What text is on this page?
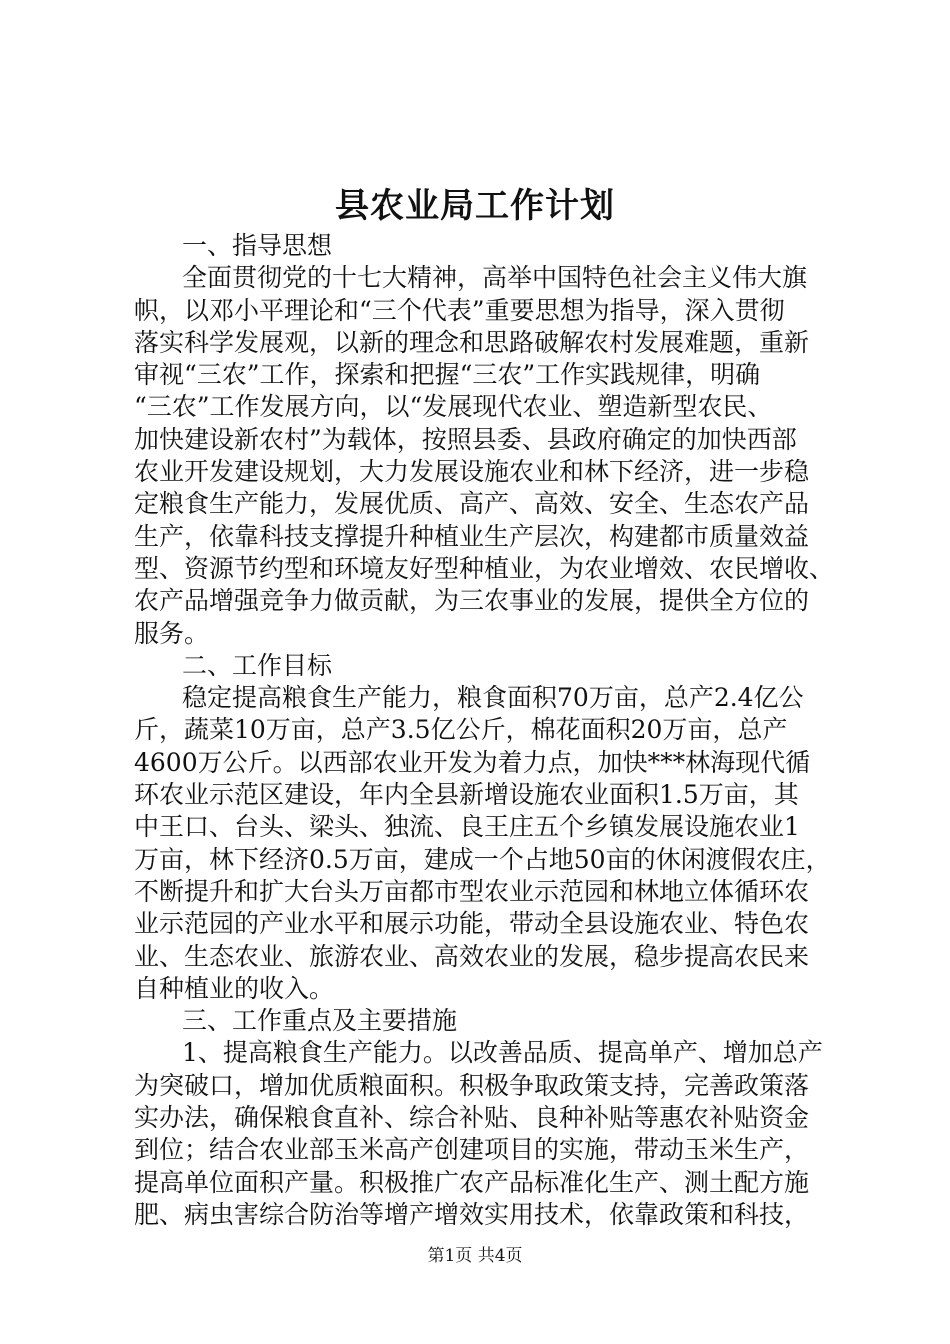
县农业局工作计划
一、指导思想
全面贯彻党的十七大精神，高举中国特色社会主义伟大旗
帜，以邓小平理论和“三个代表”重要思想为指导，深入贯彻
落实科学发展观，以新的理念和思路破解农村发展难题，重新
审视“三农”工作，探索和把握“三农”工作实践规律，明确
“三农”工作发展方向，以“发展现代农业、塑造新型农民、
加快建设新农村”为载体，按照县委、县政府确定的加快西部
农业开发建设规划，大力发展设施农业和林下经济，进一步稳
定粮食生产能力，发展优质、高产、高效、安全、生态农产品
生产，依靠科技支撑提升种植业生产层次，构建都市质量效益
型、资源节约型和环境友好型种植业，为农业增效、农民增收、
农产品增强竞争力做贡献，为三农事业的发展，提供全方位的
服务。
二、工作目标
稳定提高粮食生产能力，粮食面积70万亩，总产2.4亿公
斤，蔬菜10万亩，总产3.5亿公斤，棉花面积20万亩，总产
4600万公斤。以西部农业开发为着力点，加快***林海现代循
环农业示范区建设，年内全县新增设施农业面积1.5万亩，其
中王口、台头、梁头、独流、良王庄五个乡镇发展设施农业1
万亩，林下经济0.5万亩，建成一个占地50亩的休闲渡假农庄，
不断提升和扩大台头万亩都市型农业示范园和林地立体循环农
业示范园的产业水平和展示功能，带动全县设施农业、特色农
业、生态农业、旅游农业、高效农业的发展，稳步提高农民来
自种植业的收入。
三、工作重点及主要措施
1、提高粮食生产能力。以改善品质、提高单产、增加总产
为突破口，增加优质粮面积。积极争取政策支持，完善政策落
实办法，确保粮食直补、综合补贴、良种补贴等惠农补贴资金
到位；结合农业部玉米高产创建项目的实施，带动玉米生产，
提高单位面积产量。积极推广农产品标准化生产、测土配方施
肥、病虫害综合防治等增产增效实用技术，依靠政策和科技，
第1页 共4页
